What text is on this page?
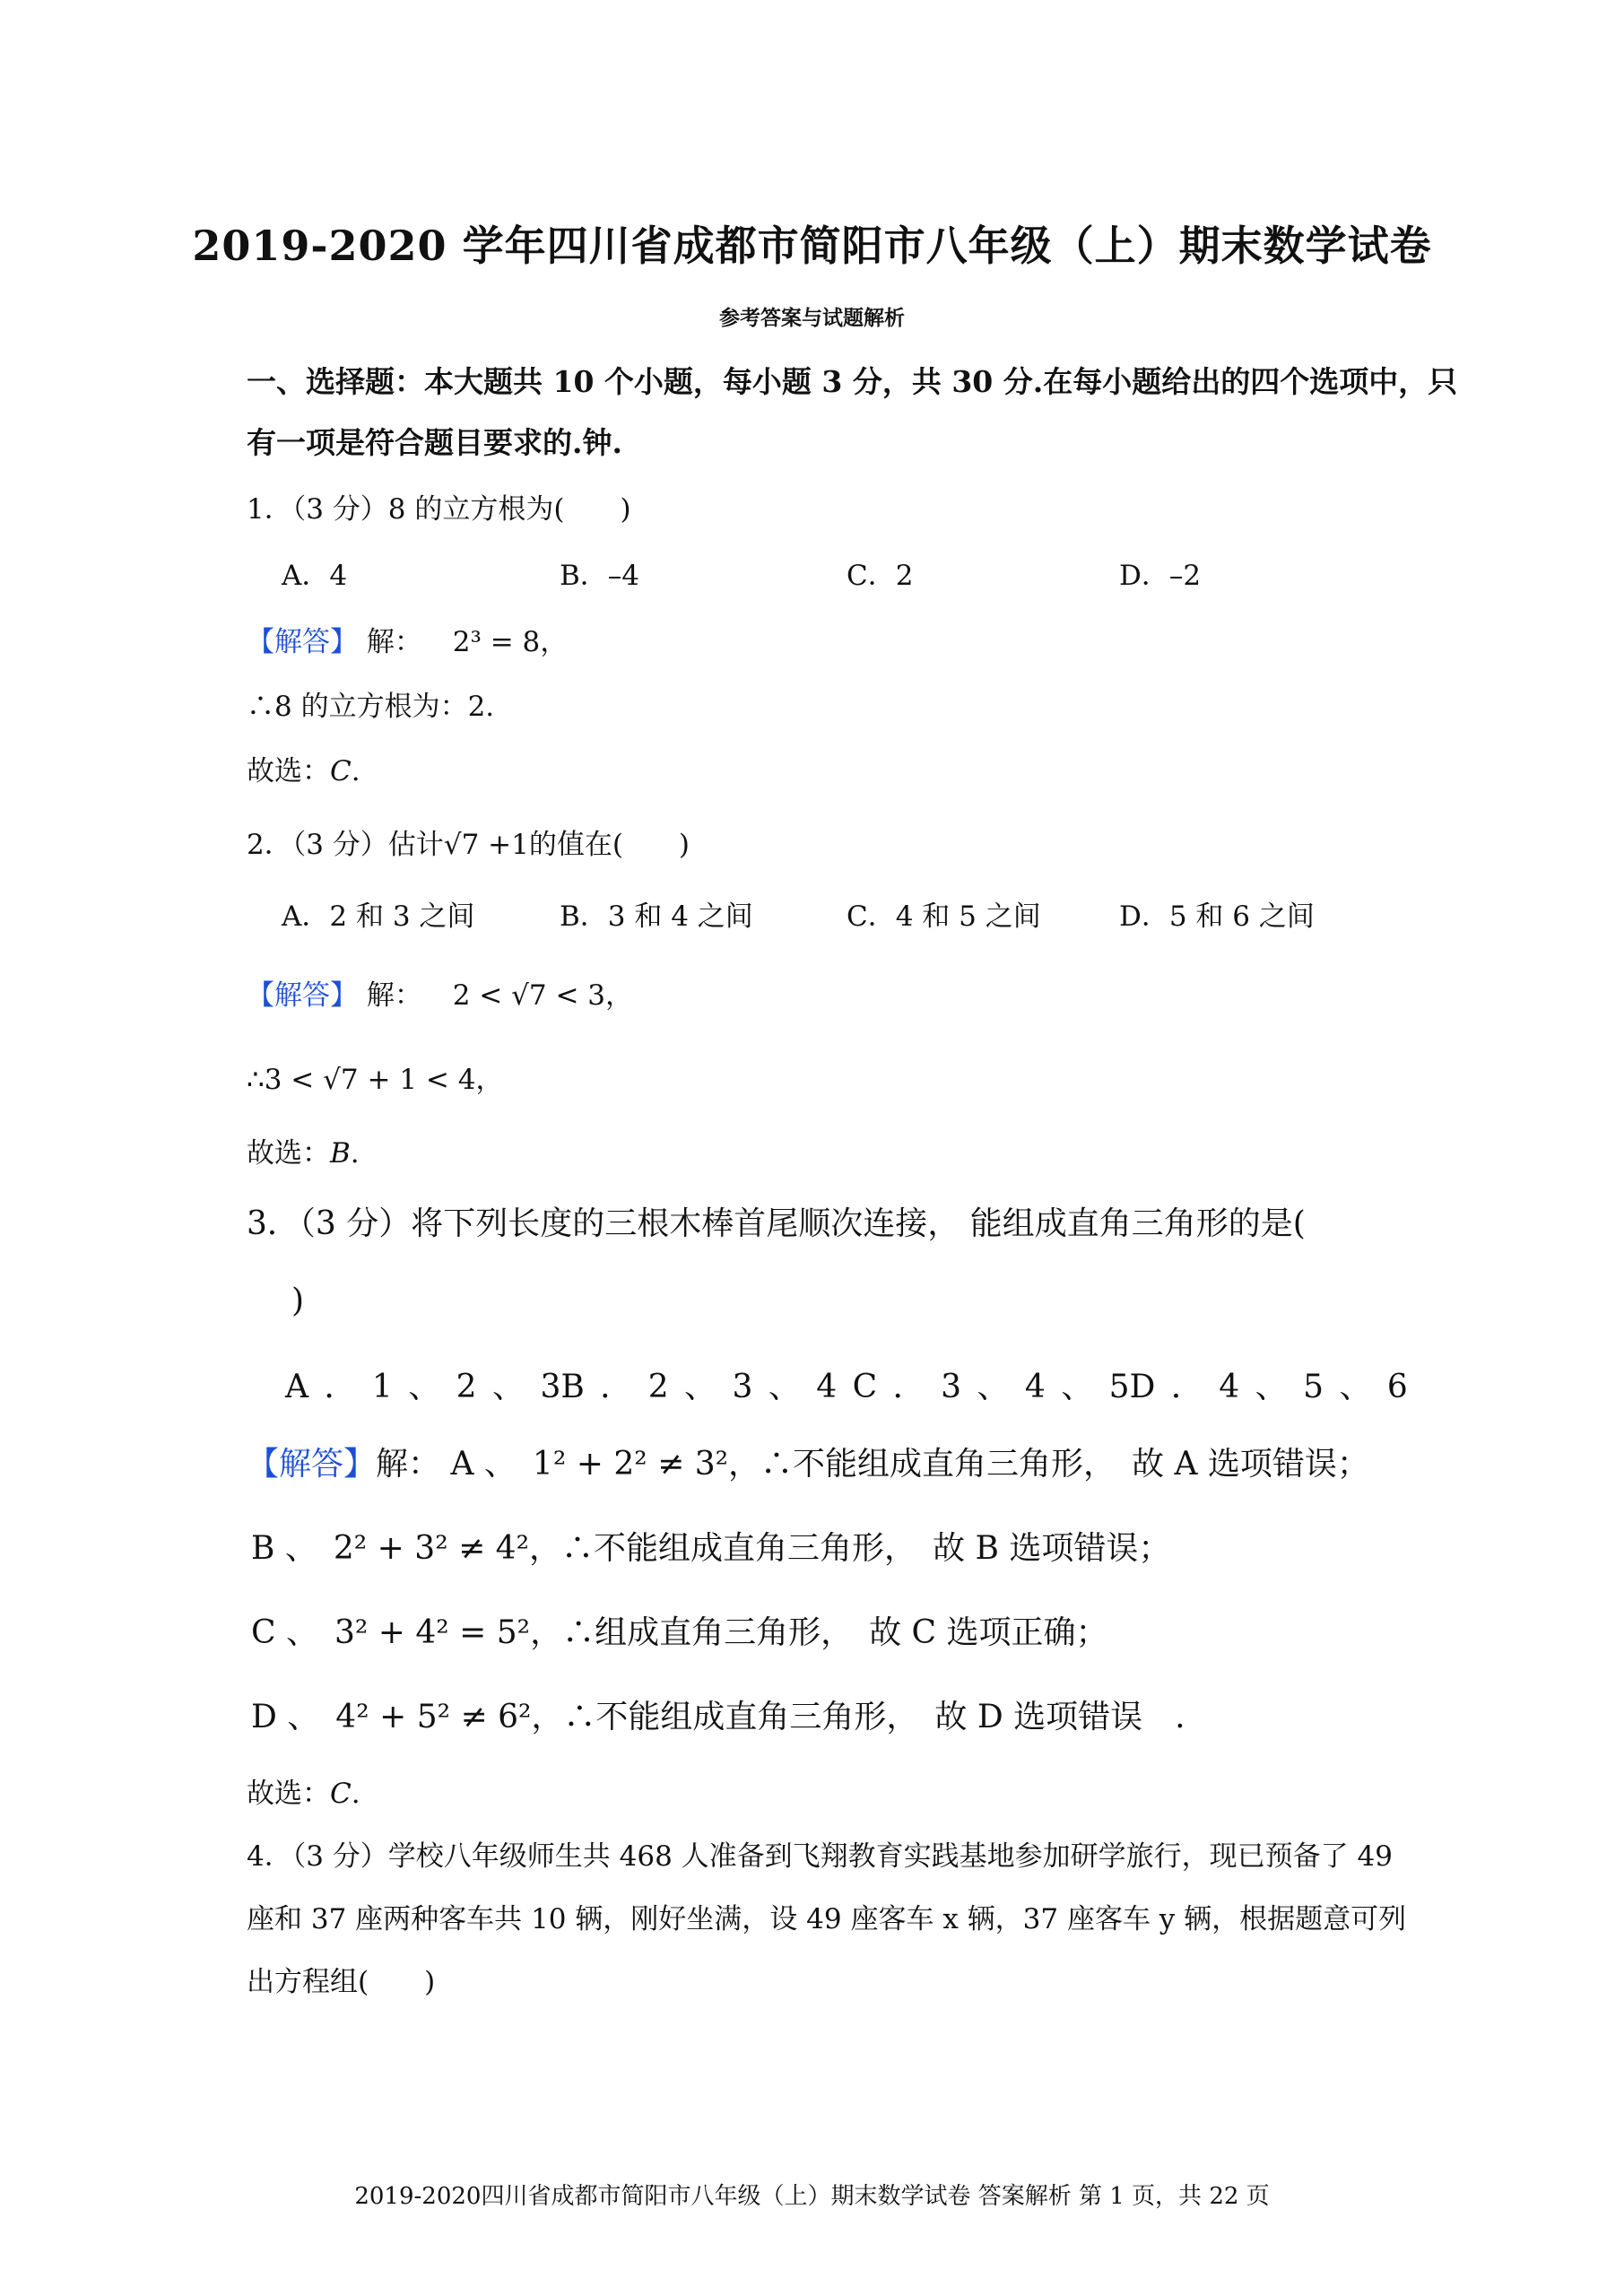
2019-2020 学年四川省成都市简阳市八年级（上）期末数学试卷
参考答案与试题解析
一、选择题：本大题共 10 个小题，每小题 3 分，共 30 分.在每小题给出的四个选项中，只
有一项是符合题目要求的.钟.
1．（3 分）8 的立方根为(　　)
A．4	B．–4	C．2	D．–2
【解答】 解： 2³ = 8，
∴8 的立方根为：2.
故选：C.
2．（3 分）估计√7 +1的值在(　　)
A．2 和 3 之间	B．3 和 4 之间	C．4 和 5 之间	D．5 和 6 之间
【解答】 解： 2 < √7 < 3，
∴3 < √7 + 1 < 4，
故选：B.
3．（3 分）将下列长度的三根木棒首尾顺次连接， 能组成直角三角形的是(
)
A ． 1 、 2 、 3B ． 2 、 3 、 4 C ． 3 、 4 、 5D ． 4 、 5 、 6
【解答】解： A 、　1² + 2² ≠ 3²，∴不能组成直角三角形，　故 A 选项错误；
B 、　2² + 3² ≠ 4²，∴不能组成直角三角形，　故 B 选项错误；
C 、　3² + 4² = 5²，∴组成直角三角形，　故 C 选项正确；
D 、　4² + 5² ≠ 6²，∴不能组成直角三角形，　故 D 选项错误　.
故选：C.
4．（3 分）学校八年级师生共 468 人准备到飞翔教育实践基地参加研学旅行，现已预备了 49
座和 37 座两种客车共 10 辆，刚好坐满，设 49 座客车 x 辆，37 座客车 y 辆，根据题意可列
出方程组(　　)
2019-2020四川省成都市简阳市八年级（上）期末数学试卷 答案解析 第 1 页，共 22 页
